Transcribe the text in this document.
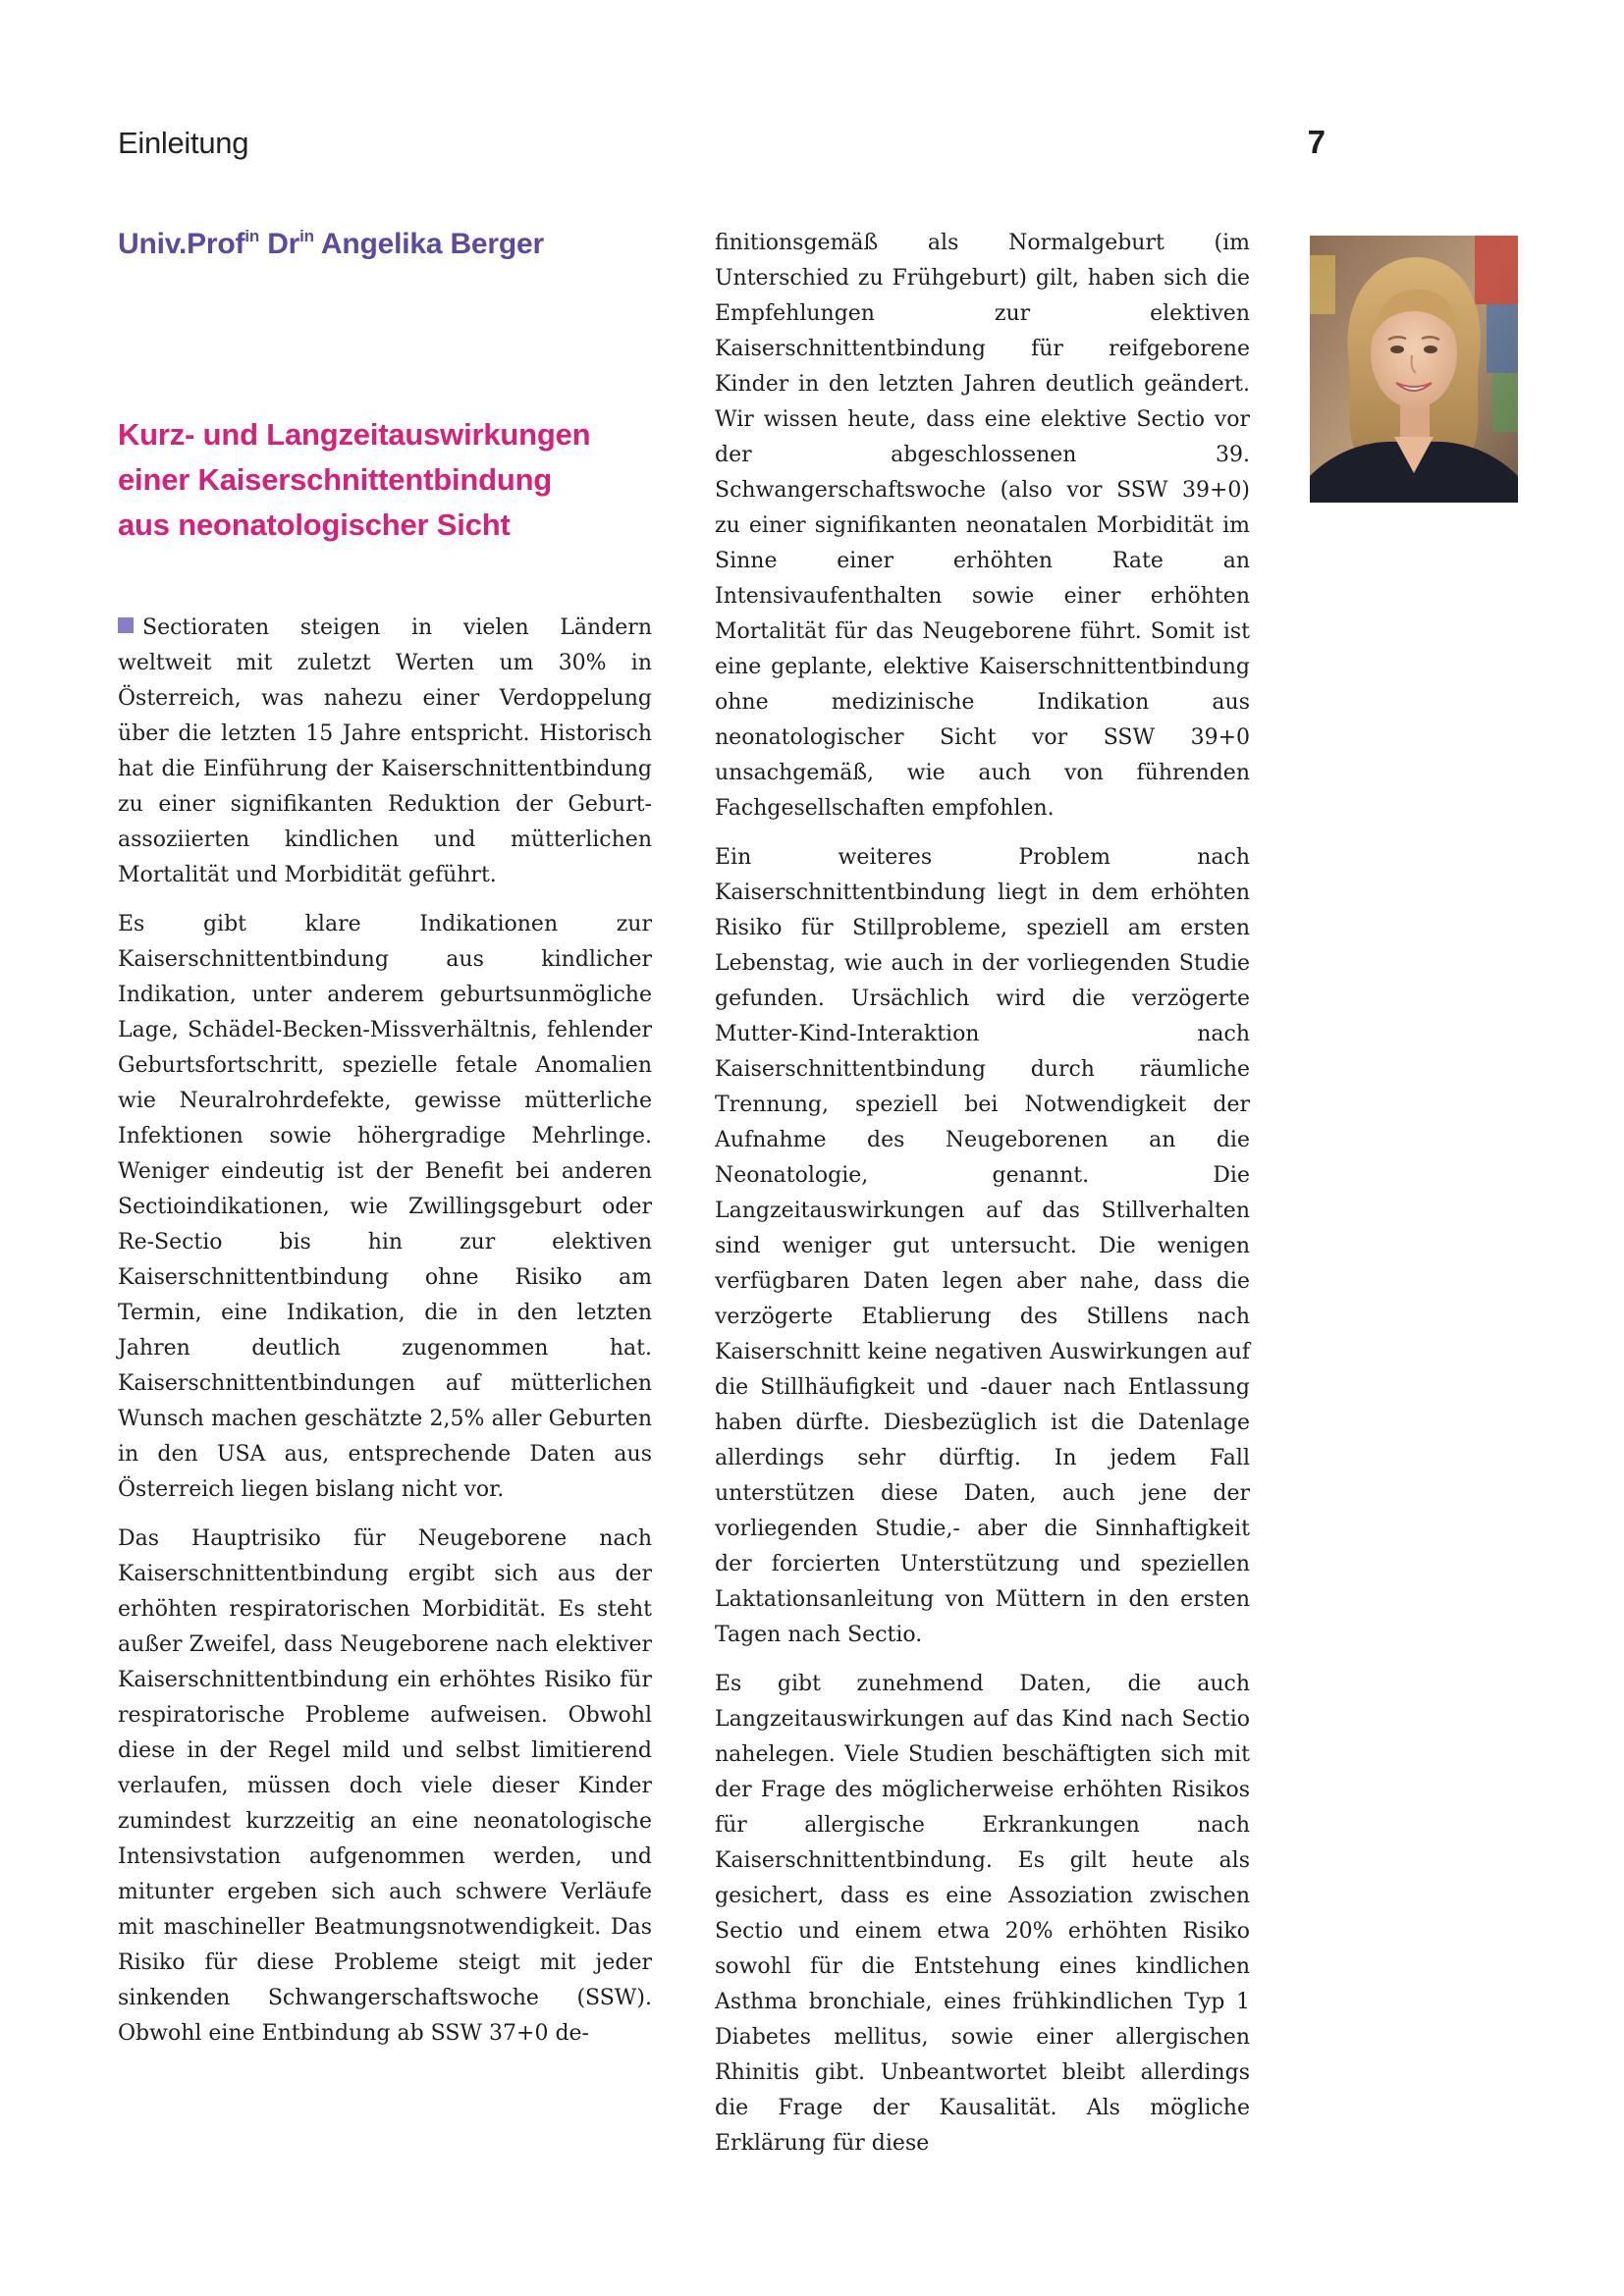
Einleitung	7
Univ.Prof$^{in}$ $Dr^{in}$ Angelika Berger
Kurz- und Langzeitauswirkungen
einer Kaiserschnittentbindung
aus neonatologischer Sicht

Sectioraten steigen in vielen Ländern weltweit mit zuletzt Werten um 30% in Österreich, was nahezu einer Verdoppelung über die letzten 15 Jahre entspricht. Historisch hat die Einführung der Kaiserschnittentbindung zu einer signifikanten Reduktion der Geburt-assoziierten kindlichen und mütterlichen Mortalität und Morbidität geführt.

Es gibt klare Indikationen zur Kaiserschnittentbindung aus kindlicher Indikation, unter anderem geburtsunmögliche Lage, Schädel-Becken-Missverhältnis, fehlender Geburtsfortschritt, spezielle fetale Anomalien wie Neuralrohrdefekte, gewisse mütterliche Infektionen sowie höhergradige Mehrlinge. Weniger eindeutig ist der Benefit bei anderen Sectioindikationen, wie Zwillingsgeburt oder Re-Sectio bis hin zur elektiven Kaiserschnittentbindung ohne Risiko am Termin, eine Indikation, die in den letzten Jahren deutlich zugenommen hat. Kaiserschnittentbindungen auf mütterlichen Wunsch machen geschätzte 2,5% aller Geburten in den USA aus, entsprechende Daten aus Österreich liegen bislang nicht vor.

Das Hauptrisiko für Neugeborene nach Kaiserschnittentbindung ergibt sich aus der erhöhten respiratorischen Morbidität. Es steht außer Zweifel, dass Neugeborene nach elektiver Kaiserschnittentbindung ein erhöhtes Risiko für respiratorische Probleme aufweisen. Obwohl diese in der Regel mild und selbst limitierend verlaufen, müssen doch viele dieser Kinder zumindest kurzzeitig an eine neonatologische Intensivstation aufgenommen werden, und mitunter ergeben sich auch schwere Verläufe mit maschineller Beatmungsnotwendigkeit. Das Risiko für diese Probleme steigt mit jeder sinkenden Schwangerschaftswoche (SSW). Obwohl eine Entbindung ab SSW 37+0 de-

finitionsgemäß als Normalgeburt (im Unterschied zu Frühgeburt) gilt, haben sich die Empfehlungen zur elektiven Kaiserschnittentbindung für reifgeborene Kinder in den letzten Jahren deutlich geändert. Wir wissen heute, dass eine elektive Sectio vor der abgeschlossenen 39. Schwangerschaftswoche (also vor SSW 39+0) zu einer signifikanten neonatalen Morbidität im Sinne einer erhöhten Rate an Intensivaufenthalten sowie einer erhöhten Mortalität für das Neugeborene führt. Somit ist eine geplante, elektive Kaiserschnittentbindung ohne medizinische Indikation aus neonatologischer Sicht vor SSW 39+0 unsachgemäß, wie auch von führenden Fachgesellschaften empfohlen.

Ein weiteres Problem nach Kaiserschnittentbindung liegt in dem erhöhten Risiko für Stillprobleme, speziell am ersten Lebenstag, wie auch in der vorliegenden Studie gefunden. Ursächlich wird die verzögerte Mutter-Kind-Interaktion nach Kaiserschnittentbindung durch räumliche Trennung, speziell bei Notwendigkeit der Aufnahme des Neugeborenen an die Neonatologie, genannt. Die Langzeitauswirkungen auf das Stillverhalten sind weniger gut untersucht. Die wenigen verfügbaren Daten legen aber nahe, dass die verzögerte Etablierung des Stillens nach Kaiserschnitt keine negativen Auswirkungen auf die Stillhäufigkeit und -dauer nach Entlassung haben dürfte. Diesbezüglich ist die Datenlage allerdings sehr dürftig. In jedem Fall unterstützen diese Daten, auch jene der vorliegenden Studie,- aber die Sinnhaftigkeit der forcierten Unterstützung und speziellen Laktationsanleitung von Müttern in den ersten Tagen nach Sectio.

Es gibt zunehmend Daten, die auch Langzeitauswirkungen auf das Kind nach Sectio nahelegen. Viele Studien beschäftigten sich mit der Frage des möglicherweise erhöhten Risikos für allergische Erkrankungen nach Kaiserschnittentbindung. Es gilt heute als gesichert, dass es eine Assoziation zwischen Sectio und einem etwa 20% erhöhten Risiko sowohl für die Entstehung eines kindlichen Asthma bronchiale, eines frühkindlichen Typ 1 Diabetes mellitus, sowie einer allergischen Rhinitis gibt. Unbeantwortet bleibt allerdings die Frage der Kausalität. Als mögliche Erklärung für diese
